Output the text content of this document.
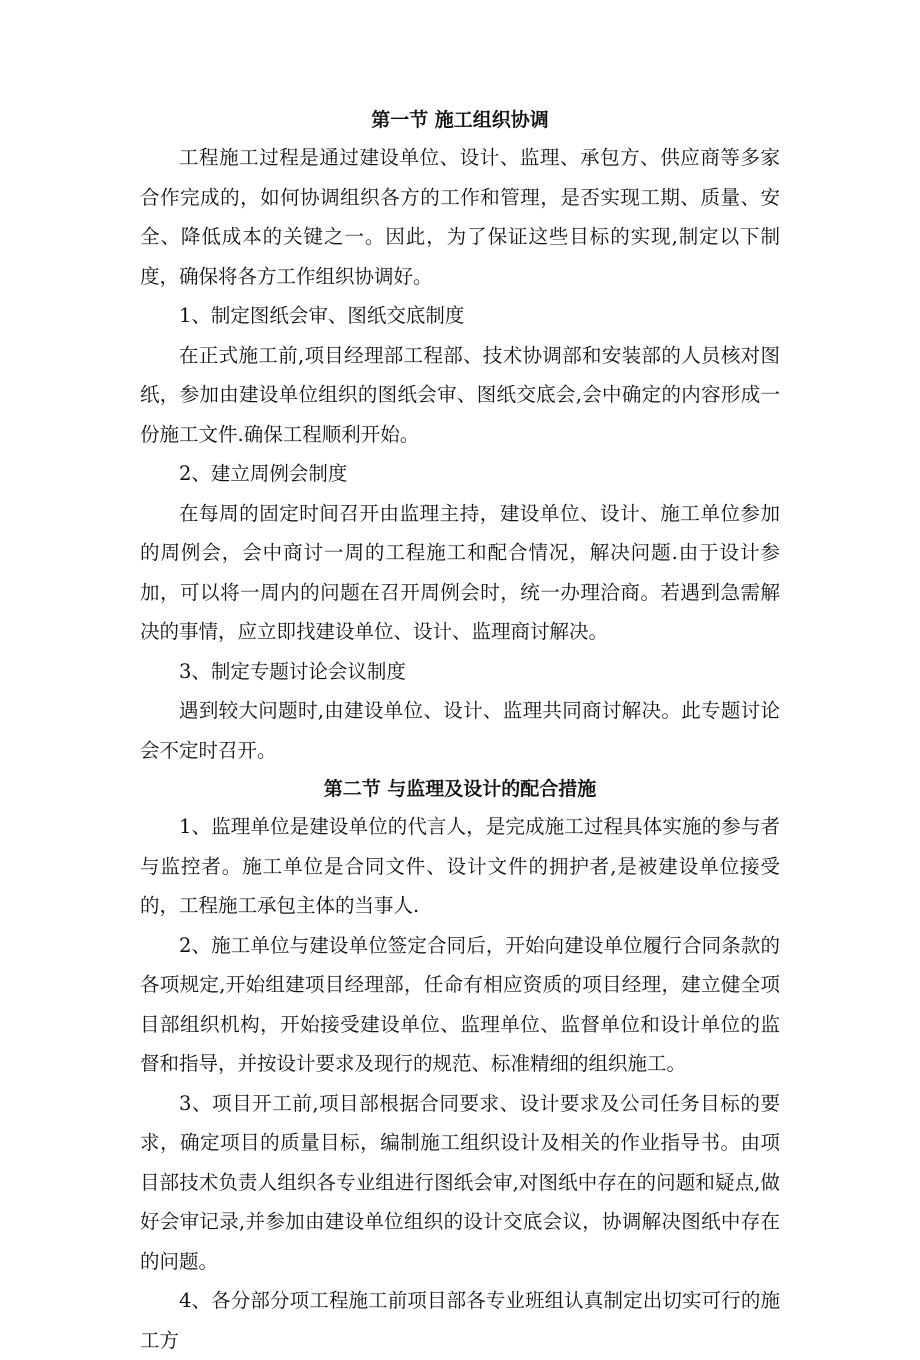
第一节 施工组织协调

工程施工过程是通过建设单位、设计、监理、承包方、供应商等多家合作完成的，如何协调组织各方的工作和管理，是否实现工期、质量、安全、降低成本的关键之一。因此，为了保证这些目标的实现,制定以下制度，确保将各方工作组织协调好。

1、制定图纸会审、图纸交底制度

在正式施工前,项目经理部工程部、技术协调部和安装部的人员核对图纸，参加由建设单位组织的图纸会审、图纸交底会,会中确定的内容形成一份施工文件.确保工程顺利开始。

2、建立周例会制度

在每周的固定时间召开由监理主持，建设单位、设计、施工单位参加的周例会，会中商讨一周的工程施工和配合情况，解决问题.由于设计参加，可以将一周内的问题在召开周例会时，统一办理洽商。若遇到急需解决的事情，应立即找建设单位、设计、监理商讨解决。

3、制定专题讨论会议制度

遇到较大问题时,由建设单位、设计、监理共同商讨解决。此专题讨论会不定时召开。

第二节 与监理及设计的配合措施

1、监理单位是建设单位的代言人，是完成施工过程具体实施的参与者与监控者。施工单位是合同文件、设计文件的拥护者,是被建设单位接受的，工程施工承包主体的当事人.

2、施工单位与建设单位签定合同后，开始向建设单位履行合同条款的各项规定,开始组建项目经理部，任命有相应资质的项目经理，建立健全项目部组织机构，开始接受建设单位、监理单位、监督单位和设计单位的监督和指导，并按设计要求及现行的规范、标准精细的组织施工。

3、项目开工前,项目部根据合同要求、设计要求及公司任务目标的要求，确定项目的质量目标，编制施工组织设计及相关的作业指导书。由项目部技术负责人组织各专业组进行图纸会审,对图纸中存在的问题和疑点,做好会审记录,并参加由建设单位组织的设计交底会议，协调解决图纸中存在的问题。

4、各分部分项工程施工前项目部各专业班组认真制定出切实可行的施工方
